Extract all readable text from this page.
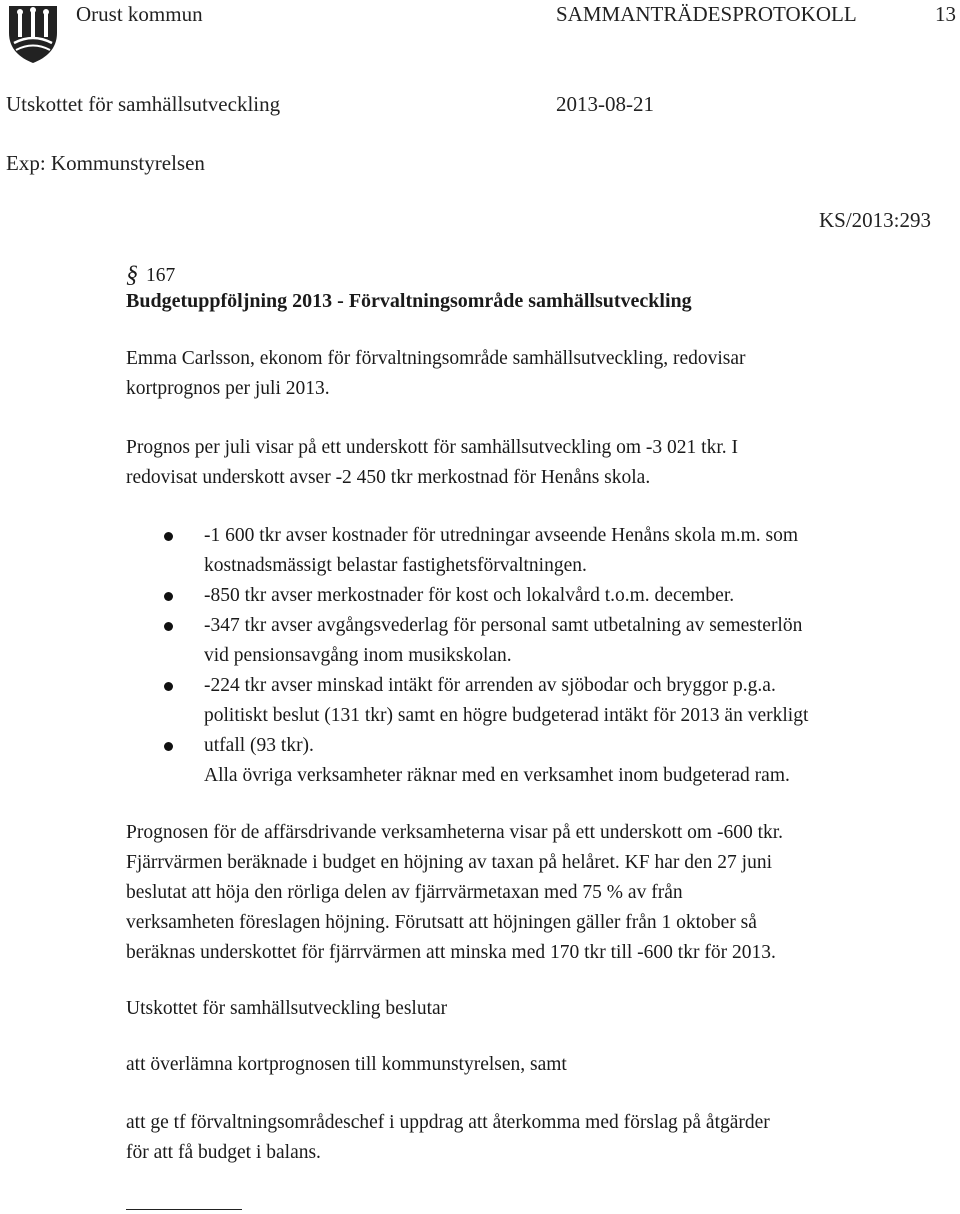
Orust kommun	SAMMANTRÄDESPROTOKOLL	13
Utskottet för samhällsutveckling	2013-08-21
Exp: Kommunstyrelsen
KS/2013:293
§ 167
Budgetuppföljning 2013 - Förvaltningsområde samhällsutveckling
Emma Carlsson, ekonom för förvaltningsområde samhällsutveckling, redovisar
kortprognos per juli 2013.
Prognos per juli visar på ett underskott för samhällsutveckling om -3 021 tkr. I
redovisat underskott avser -2 450 tkr merkostnad för Henåns skola.
-1 600 tkr avser kostnader för utredningar avseende Henåns skola m.m. som
kostnadsmässigt belastar fastighetsförvaltningen.
-850 tkr avser merkostnader för kost och lokalvård t.o.m. december.
-347 tkr avser avgångsvederlag för personal samt utbetalning av semesterlön
vid pensionsavgång inom musikskolan.
-224 tkr avser minskad intäkt för arrenden av sjöbodar och bryggor p.g.a.
politiskt beslut (131 tkr) samt en högre budgeterad intäkt för 2013 än verkligt
utfall (93 tkr).
Alla övriga verksamheter räknar med en verksamhet inom budgeterad ram.
Prognosen för de affärsdrivande verksamheterna visar på ett underskott om -600 tkr.
Fjärrvärmen beräknade i budget en höjning av taxan på helåret. KF har den 27 juni
beslutat att höja den rörliga delen av fjärrvärmetaxan med 75 % av från
verksamheten föreslagen höjning. Förutsatt att höjningen gäller från 1 oktober så
beräknas underskottet för fjärrvärmen att minska med 170 tkr till -600 tkr för 2013.
Utskottet för samhällsutveckling beslutar
att överlämna kortprognosen till kommunstyrelsen, samt
att ge tf förvaltningsområdeschef i uppdrag att återkomma med förslag på åtgärder
för att få budget i balans.
